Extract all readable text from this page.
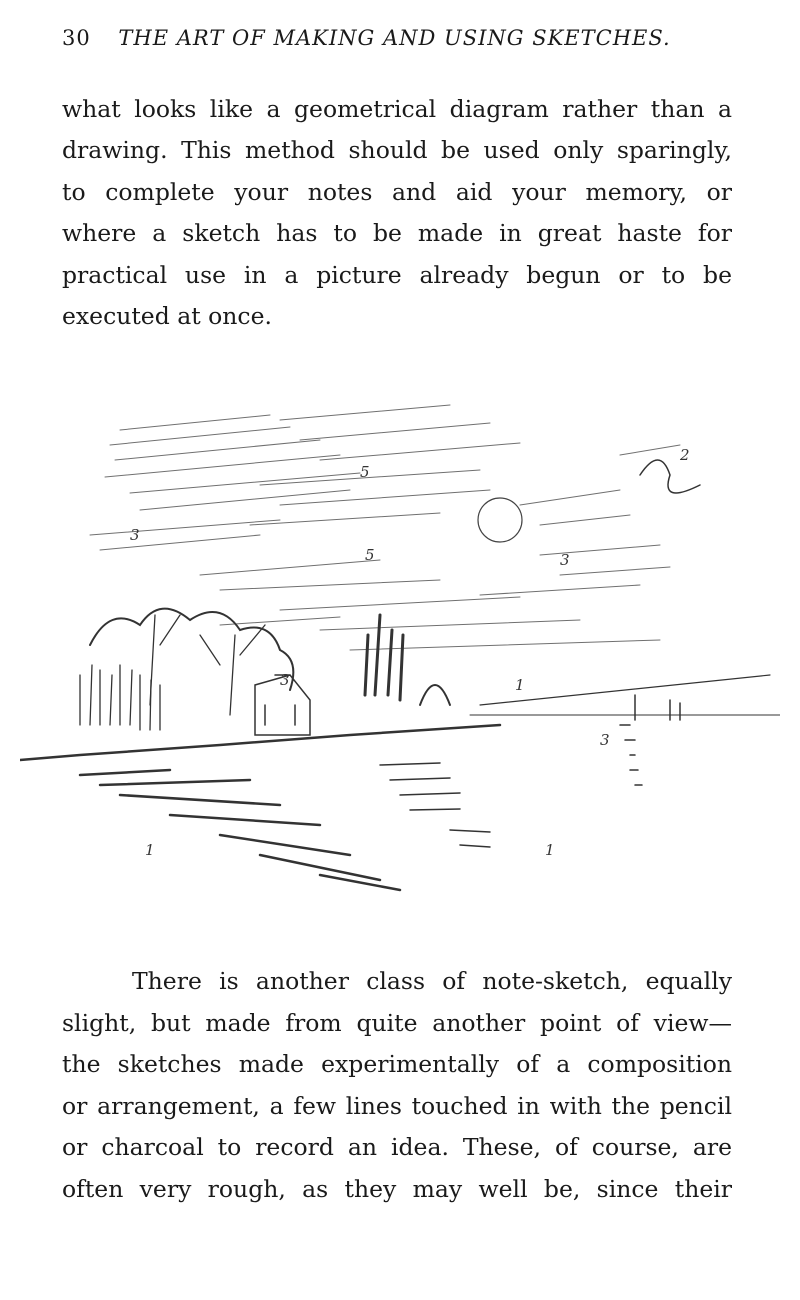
30 THE ART OF MAKING AND USING SKETCHES.
what looks like a geometrical diagram rather than a
drawing. This method should be used only sparingly,
to complete your notes and aid your memory, or
where a sketch has to be made in great haste for
practical use in a picture already begun or to be
executed at once.
5
2
3
5	3
3	1
3
1
1
There is another class of note-sketch, equally
slight, but made from quite another point of view—
the sketches made experimentally of a composition
or arrangement, a few lines touched in with the pencil
or charcoal to record an idea. These, of course, are
often very rough, as they may well be, since their
